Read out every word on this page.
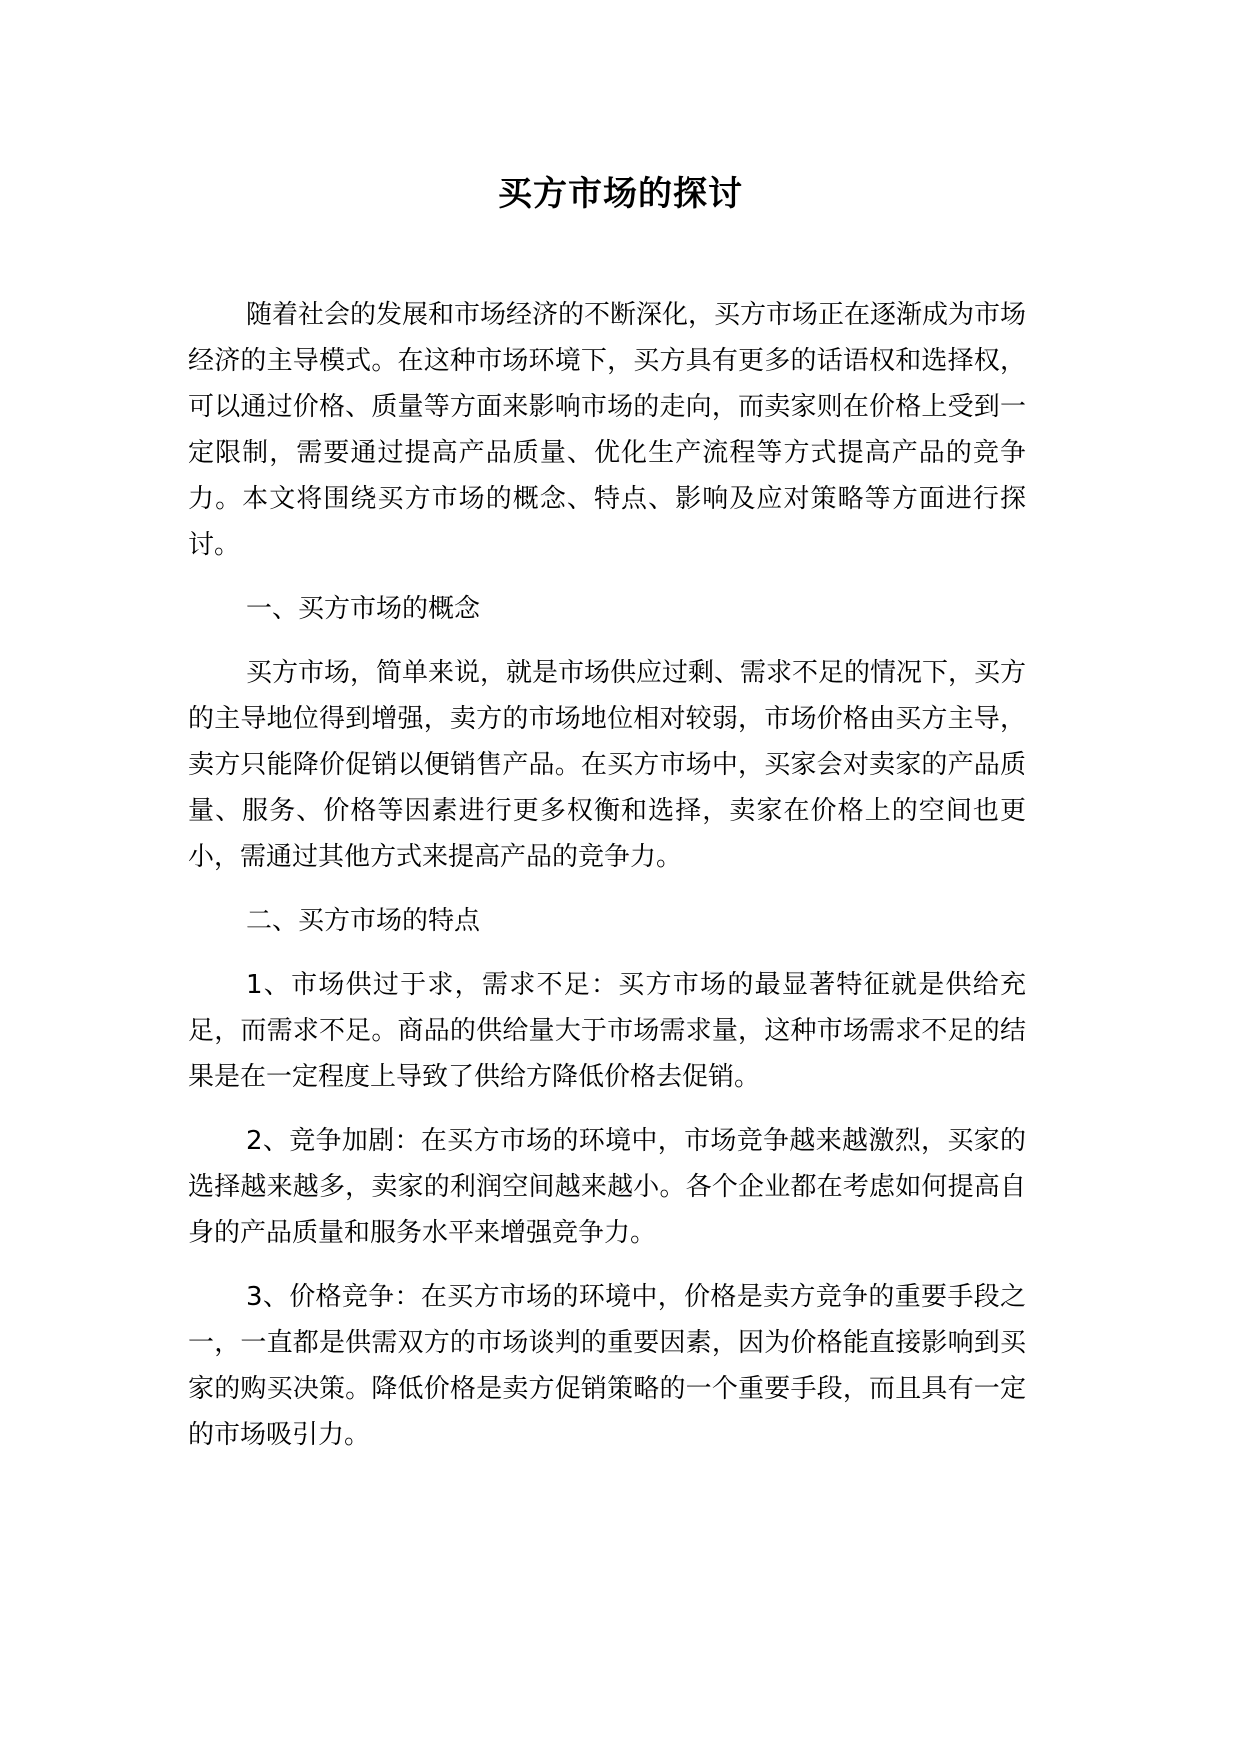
买方市场的探讨

随着社会的发展和市场经济的不断深化，买方市场正在逐渐成为市场经济的主导模式。在这种市场环境下，买方具有更多的话语权和选择权，可以通过价格、质量等方面来影响市场的走向，而卖家则在价格上受到一定限制，需要通过提高产品质量、优化生产流程等方式提高产品的竞争力。本文将围绕买方市场的概念、特点、影响及应对策略等方面进行探讨。

一、买方市场的概念

买方市场，简单来说，就是市场供应过剩、需求不足的情况下，买方的主导地位得到增强，卖方的市场地位相对较弱，市场价格由买方主导，卖方只能降价促销以便销售产品。在买方市场中，买家会对卖家的产品质量、服务、价格等因素进行更多权衡和选择，卖家在价格上的空间也更小，需通过其他方式来提高产品的竞争力。

二、买方市场的特点

1、市场供过于求，需求不足：买方市场的最显著特征就是供给充足，而需求不足。商品的供给量大于市场需求量，这种市场需求不足的结果是在一定程度上导致了供给方降低价格去促销。

2、竞争加剧：在买方市场的环境中，市场竞争越来越激烈，买家的选择越来越多，卖家的利润空间越来越小。各个企业都在考虑如何提高自身的产品质量和服务水平来增强竞争力。

3、价格竞争：在买方市场的环境中，价格是卖方竞争的重要手段之一，一直都是供需双方的市场谈判的重要因素，因为价格能直接影响到买家的购买决策。降低价格是卖方促销策略的一个重要手段，而且具有一定的市场吸引力。
